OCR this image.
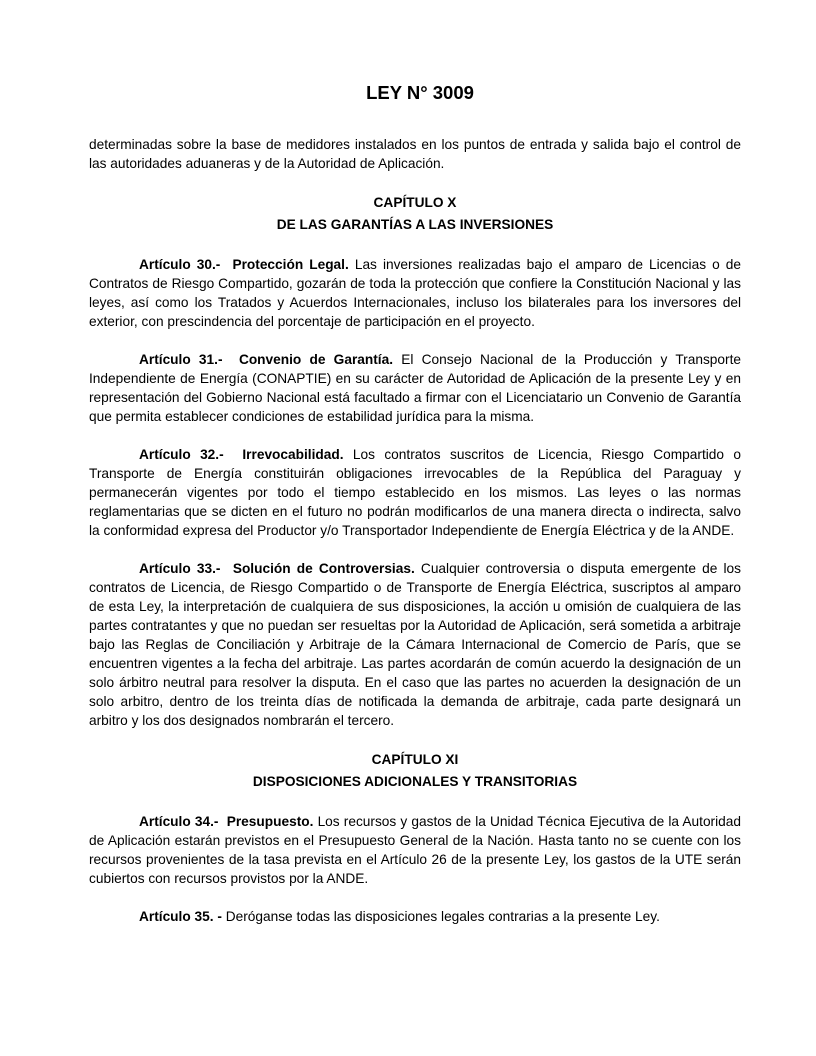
LEY N° 3009

determinadas sobre la base de medidores instalados en los puntos de entrada y salida bajo el control de las autoridades aduaneras y de la Autoridad de Aplicación.

CAPÍTULO X
DE LAS GARANTÍAS A LAS INVERSIONES

Artículo 30.- Protección Legal. Las inversiones realizadas bajo el amparo de Licencias o de Contratos de Riesgo Compartido, gozarán de toda la protección que confiere la Constitución Nacional y las leyes, así como los Tratados y Acuerdos Internacionales, incluso los bilaterales para los inversores del exterior, con prescindencia del porcentaje de participación en el proyecto.

Artículo 31.- Convenio de Garantía. El Consejo Nacional de la Producción y Transporte Independiente de Energía (CONAPTIE) en su carácter de Autoridad de Aplicación de la presente Ley y en representación del Gobierno Nacional está facultado a firmar con el Licenciatario un Convenio de Garantía que permita establecer condiciones de estabilidad jurídica para la misma.

Artículo 32.- Irrevocabilidad. Los contratos suscritos de Licencia, Riesgo Compartido o Transporte de Energía constituirán obligaciones irrevocables de la República del Paraguay y permanecerán vigentes por todo el tiempo establecido en los mismos. Las leyes o las normas reglamentarias que se dicten en el futuro no podrán modificarlos de una manera directa o indirecta, salvo la conformidad expresa del Productor y/o Transportador Independiente de Energía Eléctrica y de la ANDE.

Artículo 33.- Solución de Controversias. Cualquier controversia o disputa emergente de los contratos de Licencia, de Riesgo Compartido o de Transporte de Energía Eléctrica, suscriptos al amparo de esta Ley, la interpretación de cualquiera de sus disposiciones, la acción u omisión de cualquiera de las partes contratantes y que no puedan ser resueltas por la Autoridad de Aplicación, será sometida a arbitraje bajo las Reglas de Conciliación y Arbitraje de la Cámara Internacional de Comercio de París, que se encuentren vigentes a la fecha del arbitraje. Las partes acordarán de común acuerdo la designación de un solo árbitro neutral para resolver la disputa. En el caso que las partes no acuerden la designación de un solo arbitro, dentro de los treinta días de notificada la demanda de arbitraje, cada parte designará un arbitro y los dos designados nombrarán el tercero.

CAPÍTULO XI
DISPOSICIONES ADICIONALES Y TRANSITORIAS

Artículo 34.- Presupuesto. Los recursos y gastos de la Unidad Técnica Ejecutiva de la Autoridad de Aplicación estarán previstos en el Presupuesto General de la Nación. Hasta tanto no se cuente con los recursos provenientes de la tasa prevista en el Artículo 26 de la presente Ley, los gastos de la UTE serán cubiertos con recursos provistos por la ANDE.

Artículo 35. - Deróganse todas las disposiciones legales contrarias a la presente Ley.
